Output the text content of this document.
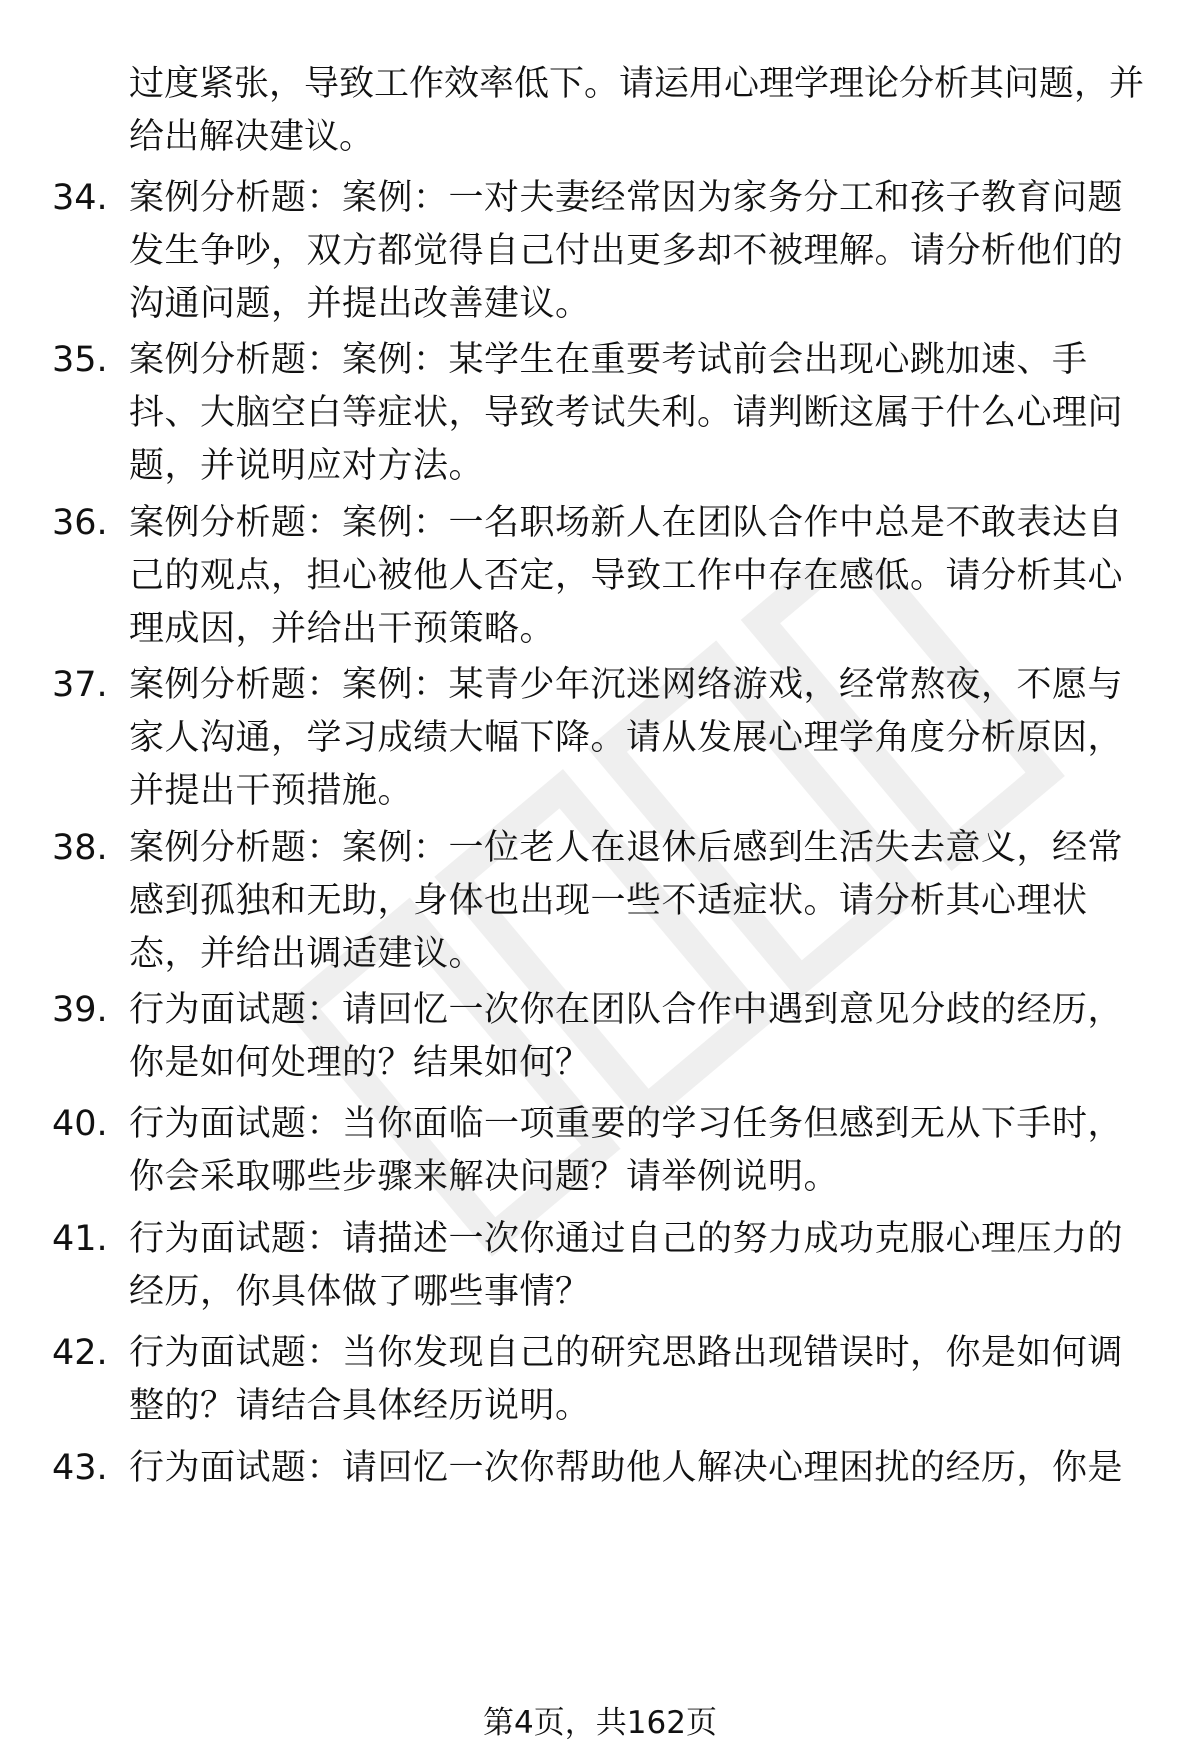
过度紧张，导致工作效率低下。请运用心理学理论分析其问题，并给出解决建议。
34. 案例分析题：案例：一对夫妻经常因为家务分工和孩子教育问题发生争吵，双方都觉得自己付出更多却不被理解。请分析他们的沟通问题，并提出改善建议。
35. 案例分析题：案例：某学生在重要考试前会出现心跳加速、手抖、大脑空白等症状，导致考试失利。请判断这属于什么心理问题，并说明应对方法。
36. 案例分析题：案例：一名职场新人在团队合作中总是不敢表达自己的观点，担心被他人否定，导致工作中存在感低。请分析其心理成因，并给出干预策略。
37. 案例分析题：案例：某青少年沉迷网络游戏，经常熬夜，不愿与家人沟通，学习成绩大幅下降。请从发展心理学角度分析原因，并提出干预措施。
38. 案例分析题：案例：一位老人在退休后感到生活失去意义，经常感到孤独和无助，身体也出现一些不适症状。请分析其心理状态，并给出调适建议。
39. 行为面试题：请回忆一次你在团队合作中遇到意见分歧的经历，你是如何处理的？结果如何？
40. 行为面试题：当你面临一项重要的学习任务但感到无从下手时，你会采取哪些步骤来解决问题？请举例说明。
41. 行为面试题：请描述一次你通过自己的努力成功克服心理压力的经历，你具体做了哪些事情？
42. 行为面试题：当你发现自己的研究思路出现错误时，你是如何调整的？请结合具体经历说明。
43. 行为面试题：请回忆一次你帮助他人解决心理困扰的经历，你是
第4页，共162页
